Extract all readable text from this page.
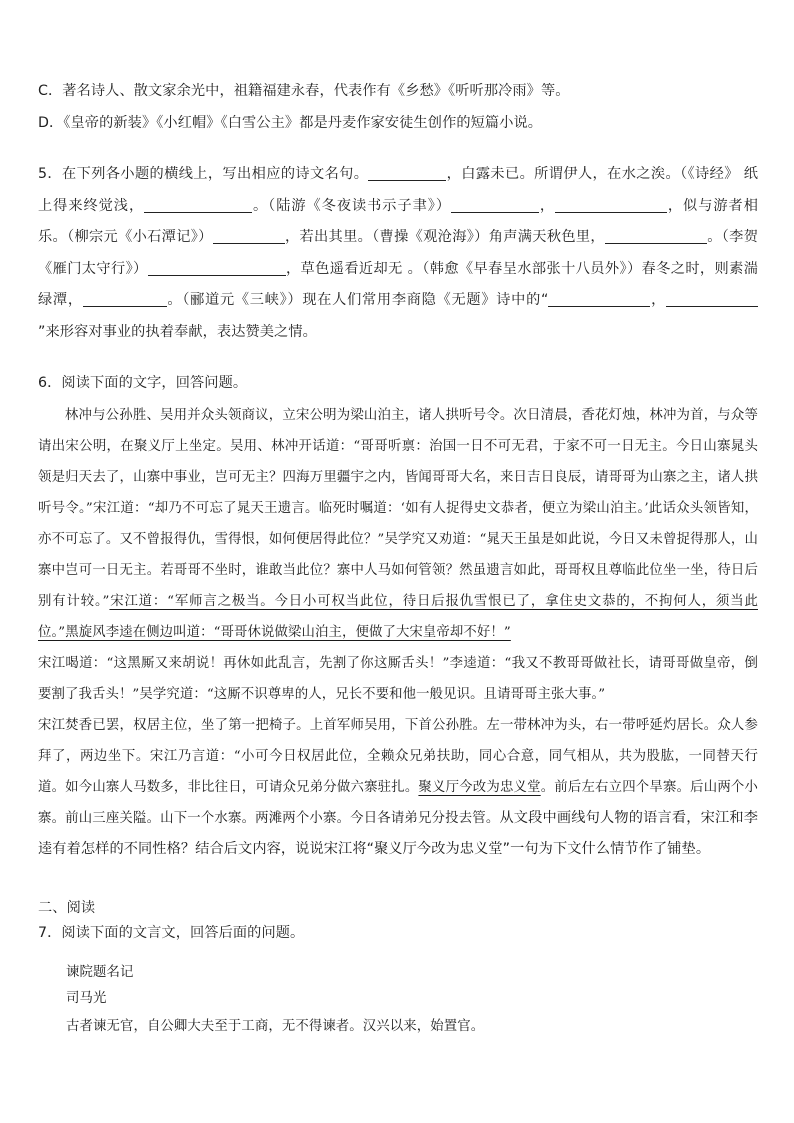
C．著名诗人、散文家余光中，祖籍福建永春，代表作有《乡愁》《听听那冷雨》等。

D．《皇帝的新装》《小红帽》《白雪公主》都是丹麦作家安徒生创作的短篇小说。

5．在下列各小题的横线上，写出相应的诗文名句。	，白露未已。所谓伊人，在水之涘。（《诗经》 纸上得来终觉浅，	。（陆游《冬夜读书示子聿》）	，	，似与游者相乐。（柳宗元《小石潭记》）	，若出其里。（曹操《观沧海》）角声满天秋色里，	。（李贺《雁门太守行》）	，草色遥看近却无 。（韩愈《早春呈水部张十八员外》）春冬之时，则素湍绿潭，	。（郦道元《三峡》）现在人们常用李商隐《无题》诗中的“	，”来形容对事业的执着奉献，表达赞美之情。

6．阅读下面的文字，回答问题。

林冲与公孙胜、吴用并众头领商议，立宋公明为梁山泊主，诸人拱听号令。次日清晨，香花灯烛，林冲为首，与众等请出宋公明，在聚义厅上坐定。吴用、林冲开话道：“哥哥听禀：治国一日不可无君，于家不可一日无主。今日山寨晁头领是归天去了，山寨中事业，岂可无主？四海万里疆宇之内，皆闻哥哥大名，来日吉日良辰，请哥哥为山寨之主，诸人拱听号令。”宋江道：“却乃不可忘了晁天王遗言。临死时嘱道：‘如有人捉得史文恭者，便立为梁山泊主。’此话众头领皆知，亦不可忘了。又不曾报得仇，雪得恨，如何便居得此位？”吴学究又劝道：“晁天王虽是如此说，今日又未曾捉得那人，山寨中岂可一日无主。若哥哥不坐时，谁敢当此位？寨中人马如何管领？然虽遗言如此，哥哥权且尊临此位坐一坐，待日后别有计较。”宋江道：“军师言之极当。今日小可权当此位，待日后报仇雪恨已了，拿住史文恭的，不拘何人，须当此位。”黑旋风李逵在侧边叫道：“哥哥休说做梁山泊主，便做了大宋皇帝却不好！”
宋江喝道：“这黑厮又来胡说！再休如此乱言，先割了你这厮舌头！”李逵道：“我又不教哥哥做社长，请哥哥做皇帝，倒要割了我舌头！”吴学究道：“这厮不识尊卑的人，兄长不要和他一般见识。且请哥哥主张大事。”
宋江焚香已罢，权居主位，坐了第一把椅子。上首军师吴用，下首公孙胜。左一带林冲为头，右一带呼延灼居长。众人参拜了，两边坐下。宋江乃言道：“小可今日权居此位，全赖众兄弟扶助，同心合意，同气相从，共为股肱，一同替天行道。如今山寨人马数多，非比往日，可请众兄弟分做六寨驻扎。聚义厅今改为忠义堂。前后左右立四个旱寨。后山两个小寨。前山三座关隘。山下一个水寨。两滩两个小寨。今日各请弟兄分投去管。从文段中画线句人物的语言看，宋江和李逵有着怎样的不同性格？结合后文内容，说说宋江将“聚义厅今改为忠义堂”一句为下文什么情节作了铺垫。

二、阅读

7．阅读下面的文言文，回答后面的问题。

谏院题名记

司马光

古者谏无官，自公卿大夫至于工商，无不得谏者。汉兴以来，始置官。
